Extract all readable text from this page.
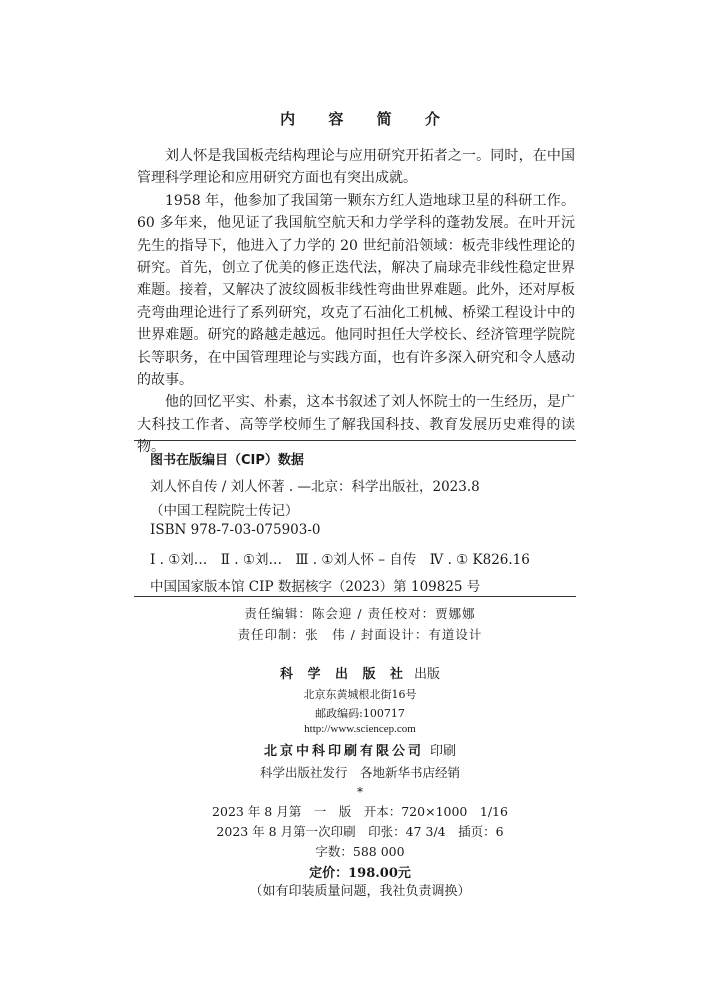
内 容 简 介

刘人怀是我国板壳结构理论与应用研究开拓者之一。同时，在中国管理科学理论和应用研究方面也有突出成就。

1958 年，他参加了我国第一颗东方红人造地球卫星的科研工作。60 多年来，他见证了我国航空航天和力学学科的蓬勃发展。在叶开沅先生的指导下，他进入了力学的 20 世纪前沿领域：板壳非线性理论的研究。首先，创立了优美的修正迭代法，解决了扁球壳非线性稳定世界难题。接着，又解决了波纹圆板非线性弯曲世界难题。此外，还对厚板壳弯曲理论进行了系列研究，攻克了石油化工机械、桥梁工程设计中的世界难题。研究的路越走越远。他同时担任大学校长、经济管理学院院长等职务，在中国管理理论与实践方面，也有许多深入研究和令人感动的故事。

他的回忆平实、朴素，这本书叙述了刘人怀院士的一生经历，是广大科技工作者、高等学校师生了解我国科技、教育发展历史难得的读物。

图书在版编目（CIP）数据
刘人怀自传 / 刘人怀著 . —北京：科学出版社，2023.8
（中国工程院院士传记）
ISBN 978-7-03-075903-0
Ⅰ . ①刘…　Ⅱ . ①刘…　Ⅲ . ①刘人怀 – 自传　Ⅳ . ① K826.16
中国国家版本馆 CIP 数据核字（2023）第 109825 号
责任编辑：陈会迎 / 责任校对：贾娜娜
责任印制：张　伟 / 封面设计：有道设计
科 学 出 版 社 出版
北京东黄城根北街16号
邮政编码:100717
http://www.sciencep.com
北京中科印刷有限公司 印刷
科学出版社发行　各地新华书店经销
*
2023 年 8 月第　一　版　开本：720×1000　1/16
2023 年 8 月第一次印刷　印张：47 3/4　插页：6
字数：588 000
定价：198.00元
（如有印装质量问题，我社负责调换）
